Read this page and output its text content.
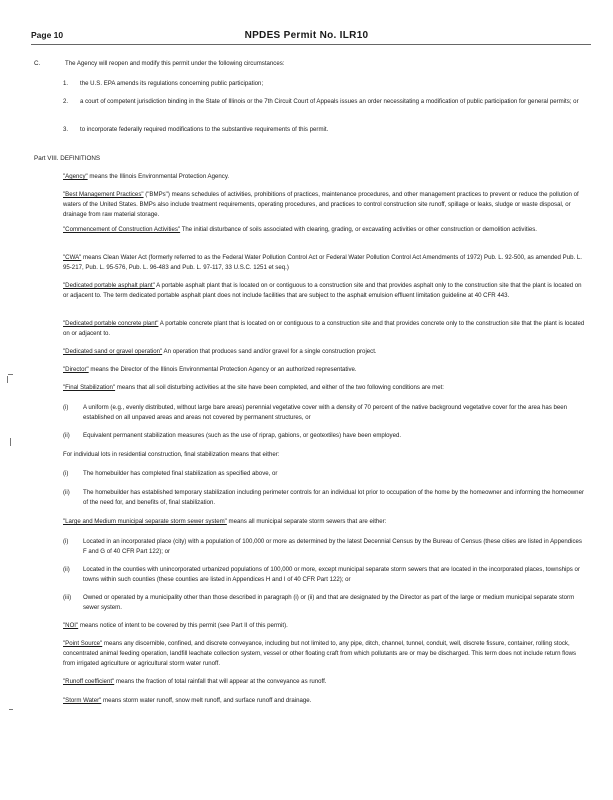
Page 10	NPDES Permit No. ILR10
C.	The Agency will reopen and modify this permit under the following circumstances:
1. the U.S. EPA amends its regulations concerning public participation;
2. a court of competent jurisdiction binding in the State of Illinois or the 7th Circuit Court of Appeals issues an order necessitating a modification of public participation for general permits; or
3. to incorporate federally required modifications to the substantive requirements of this permit.
Part VIII. DEFINITIONS
"Agency" means the Illinois Environmental Protection Agency.
"Best Management Practices" ("BMPs") means schedules of activities, prohibitions of practices, maintenance procedures, and other management practices to prevent or reduce the pollution of waters of the United States. BMPs also include treatment requirements, operating procedures, and practices to control construction site runoff, spillage or leaks, sludge or waste disposal, or drainage from raw material storage.
"Commencement of Construction Activities" The initial disturbance of soils associated with clearing, grading, or excavating activities or other construction or demolition activities.
"CWA" means Clean Water Act (formerly referred to as the Federal Water Pollution Control Act or Federal Water Pollution Control Act Amendments of 1972) Pub. L. 92-500, as amended Pub. L. 95-217, Pub. L. 95-576, Pub. L. 96-483 and Pub. L. 97-117, 33 U.S.C. 1251 et seq.)
"Dedicated portable asphalt plant" A portable asphalt plant that is located on or contiguous to a construction site and that provides asphalt only to the construction site that the plant is located on or adjacent to. The term dedicated portable asphalt plant does not include facilities that are subject to the asphalt emulsion effluent limitation guideline at 40 CFR 443.
"Dedicated portable concrete plant" A portable concrete plant that is located on or contiguous to a construction site and that provides concrete only to the construction site that the plant is located on or adjacent to.
"Dedicated sand or gravel operation" An operation that produces sand and/or gravel for a single construction project.
"Director" means the Director of the Illinois Environmental Protection Agency or an authorized representative.
"Final Stabilization" means that all soil disturbing activities at the site have been completed, and either of the two following conditions are met:
(i) A uniform (e.g., evenly distributed, without large bare areas) perennial vegetative cover with a density of 70 percent of the native background vegetative cover for the area has been established on all unpaved areas and areas not covered by permanent structures, or
(ii) Equivalent permanent stabilization measures (such as the use of riprap, gabions, or geotextiles) have been employed.
For individual lots in residential construction, final stabilization means that either:
(i) The homebuilder has completed final stabilization as specified above, or
(ii) The homebuilder has established temporary stabilization including perimeter controls for an individual lot prior to occupation of the home by the homeowner and informing the homeowner of the need for, and benefits of, final stabilization.
"Large and Medium municipal separate storm sewer system" means all municipal separate storm sewers that are either:
(i) Located in an incorporated place (city) with a population of 100,000 or more as determined by the latest Decennial Census by the Bureau of Census (these cities are listed in Appendices F and G of 40 CFR Part 122); or
(ii) Located in the counties with unincorporated urbanized populations of 100,000 or more, except municipal separate storm sewers that are located in the incorporated places, townships or towns within such counties (these counties are listed in Appendices H and I of 40 CFR Part 122); or
(iii) Owned or operated by a municipality other than those described in paragraph (i) or (ii) and that are designated by the Director as part of the large or medium municipal separate storm sewer system.
"NOI" means notice of intent to be covered by this permit (see Part II of this permit).
"Point Source" means any discernible, confined, and discrete conveyance, including but not limited to, any pipe, ditch, channel, tunnel, conduit, well, discrete fissure, container, rolling stock, concentrated animal feeding operation, landfill leachate collection system, vessel or other floating craft from which pollutants are or may be discharged. This term does not include return flows from irrigated agriculture or agricultural storm water runoff.
"Runoff coefficient" means the fraction of total rainfall that will appear at the conveyance as runoff.
"Storm Water" means storm water runoff, snow melt runoff, and surface runoff and drainage.
